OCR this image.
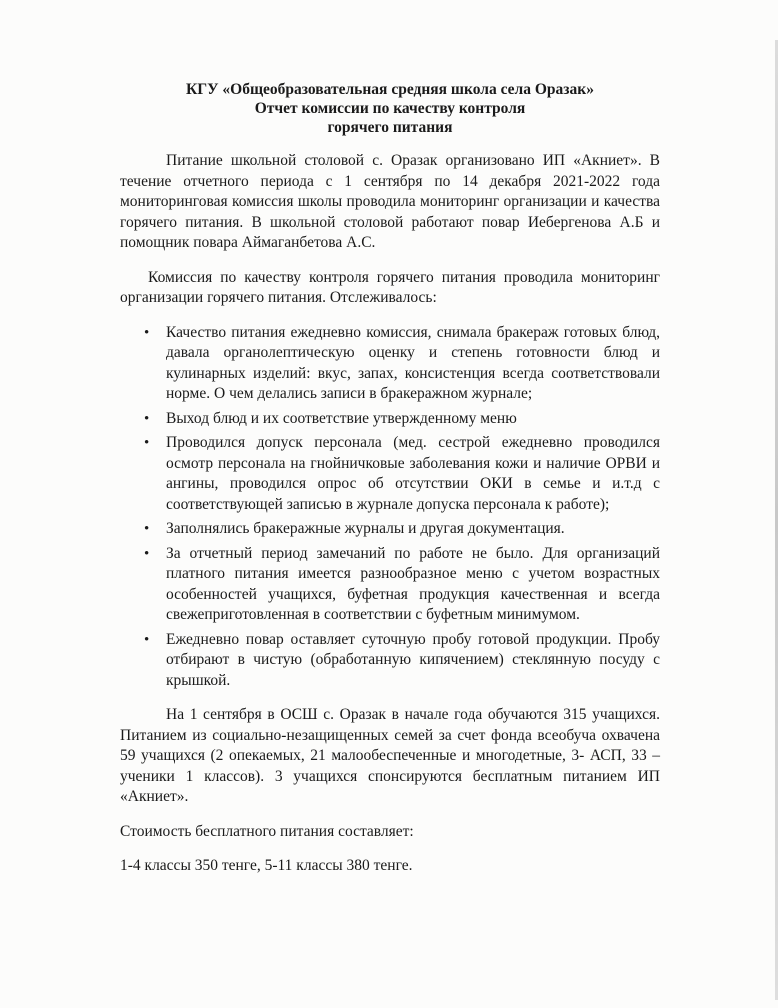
КГУ «Общеобразовательная средняя школа села Оразак»
Отчет комиссии по качеству контроля
горячего питания

Питание школьной столовой с. Оразак организовано ИП «Акниет». В течение отчетного периода с 1 сентября по 14 декабря 2021-2022 года мониторинговая комиссия школы проводила мониторинг организации и качества горячего питания. В школьной столовой работают повар Иебергенова А.Б и помощник повара Аймаганбетова А.С.

Комиссия по качеству контроля горячего питания проводила мониторинг организации горячего питания. Отслеживалось:

• Качество питания ежедневно комиссия, снимала бракераж готовых блюд, давала органолептическую оценку и степень готовности блюд и кулинарных изделий: вкус, запах, консистенция всегда соответствовали норме. О чем делались записи в бракеражном журнале;
• Выход блюд и их соответствие утвержденному меню
• Проводился допуск персонала (мед. сестрой ежедневно проводился осмотр персонала на гнойничковые заболевания кожи и наличие ОРВИ и ангины, проводился опрос об отсутствии ОКИ в семье и и.т.д с соответствующей записью в журнале допуска персонала к работе);
• Заполнялись бракеражные журналы и другая документация.
• За отчетный период замечаний по работе не было. Для организаций платного питания имеется разнообразное меню с учетом возрастных особенностей учащихся, буфетная продукция качественная и всегда свежеприготовленная в соответствии с буфетным минимумом.
• Ежедневно повар оставляет суточную пробу готовой продукции. Пробу отбирают в чистую (обработанную кипячением) стеклянную посуду с крышкой.

На 1 сентября в ОСШ с. Оразак в начале года обучаются 315 учащихся. Питанием из социально-незащищенных семей за счет фонда всеобуча охвачена 59 учащихся (2 опекаемых, 21 малообеспеченные и многодетные, 3- АСП, 33 –ученики 1 классов). 3 учащихся спонсируются бесплатным питанием ИП «Акниет».

Стоимость бесплатного питания составляет:

1-4 классы 350 тенге, 5-11 классы 380 тенге.
